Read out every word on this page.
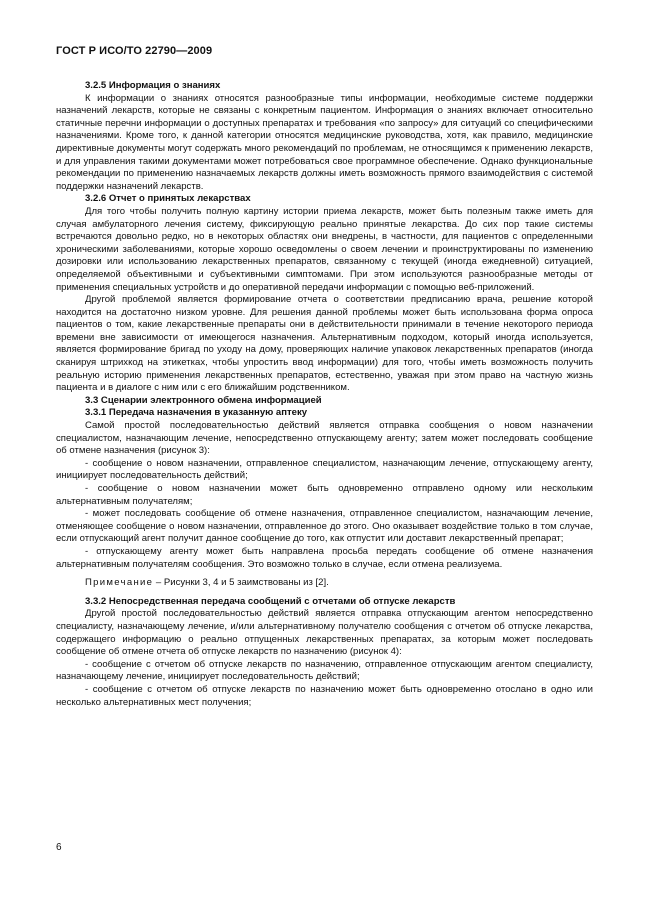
ГОСТ Р ИСО/ТО 22790—2009

3.2.5 Информация о знаниях

К информации о знаниях относятся разнообразные типы информации, необходимые системе поддержки назначений лекарств, которые не связаны с конкретным пациентом. Информация о знаниях включает относительно статичные перечни информации о доступных препаратах и требования «по запросу» для ситуаций со специфическими назначениями. Кроме того, к данной категории относятся медицинские руководства, хотя, как правило, медицинские директивные документы могут содержать много рекомендаций по проблемам, не относящимся к применению лекарств, и для управления такими документами может потребоваться свое программное обеспечение. Однако функциональные рекомендации по применению назначаемых лекарств должны иметь возможность прямого взаимодействия с системой поддержки назначений лекарств.

3.2.6 Отчет о принятых лекарствах

Для того чтобы получить полную картину истории приема лекарств, может быть полезным также иметь для случая амбулаторного лечения систему, фиксирующую реально принятые лекарства. До сих пор такие системы встречаются довольно редко, но в некоторых областях они внедрены, в частности, для пациентов с определенными хроническими заболеваниями, которые хорошо осведомлены о своем лечении и проинструктированы по изменению дозировки или использованию лекарственных препаратов, связанному с текущей (иногда ежедневной) ситуацией, определяемой объективными и субъективными симптомами. При этом используются разнообразные методы от применения специальных устройств и до оперативной передачи информации с помощью веб-приложений.

Другой проблемой является формирование отчета о соответствии предписанию врача, решение которой находится на достаточно низком уровне. Для решения данной проблемы может быть использована форма опроса пациентов о том, какие лекарственные препараты они в действительности принимали в течение некоторого периода времени вне зависимости от имеющегося назначения. Альтернативным подходом, который иногда используется, является формирование бригад по уходу на дому, проверяющих наличие упаковок лекарственных препаратов (иногда сканируя штрихкод на этикетках, чтобы упростить ввод информации) для того, чтобы иметь возможность получить реальную историю применения лекарственных препаратов, естественно, уважая при этом право на частную жизнь пациента и в диалоге с ним или с его ближайшим родственником.

3.3 Сценарии электронного обмена информацией

3.3.1 Передача назначения в указанную аптеку

Самой простой последовательностью действий является отправка сообщения о новом назначении специалистом, назначающим лечение, непосредственно отпускающему агенту; затем может последовать сообщение об отмене назначения (рисунок 3):

- сообщение о новом назначении, отправленное специалистом, назначающим лечение, отпускающему агенту, инициирует последовательность действий;

- сообщение о новом назначении может быть одновременно отправлено одному или нескольким альтернативным получателям;

- может последовать сообщение об отмене назначения, отправленное специалистом, назначающим лечение, отменяющее сообщение о новом назначении, отправленное до этого. Оно оказывает воздействие только в том случае, если отпускающий агент получит данное сообщение до того, как отпустит или доставит лекарственный препарат;

- отпускающему агенту может быть направлена просьба передать сообщение об отмене назначения альтернативным получателям сообщения. Это возможно только в случае, если отмена реализуема.

Примечание – Рисунки 3, 4 и 5 заимствованы из [2].

3.3.2 Непосредственная передача сообщений с отчетами об отпуске лекарств

Другой простой последовательностью действий является отправка отпускающим агентом непосредственно специалисту, назначающему лечение, и/или альтернативному получателю сообщения с отчетом об отпуске лекарства, содержащего информацию о реально отпущенных лекарственных препаратах, за которым может последовать сообщение об отмене отчета об отпуске лекарств по назначению (рисунок 4):

- сообщение с отчетом об отпуске лекарств по назначению, отправленное отпускающим агентом специалисту, назначающему лечение, инициирует последовательность действий;

- сообщение с отчетом об отпуске лекарств по назначению может быть одновременно отослано в одно или несколько альтернативных мест получения;

6
